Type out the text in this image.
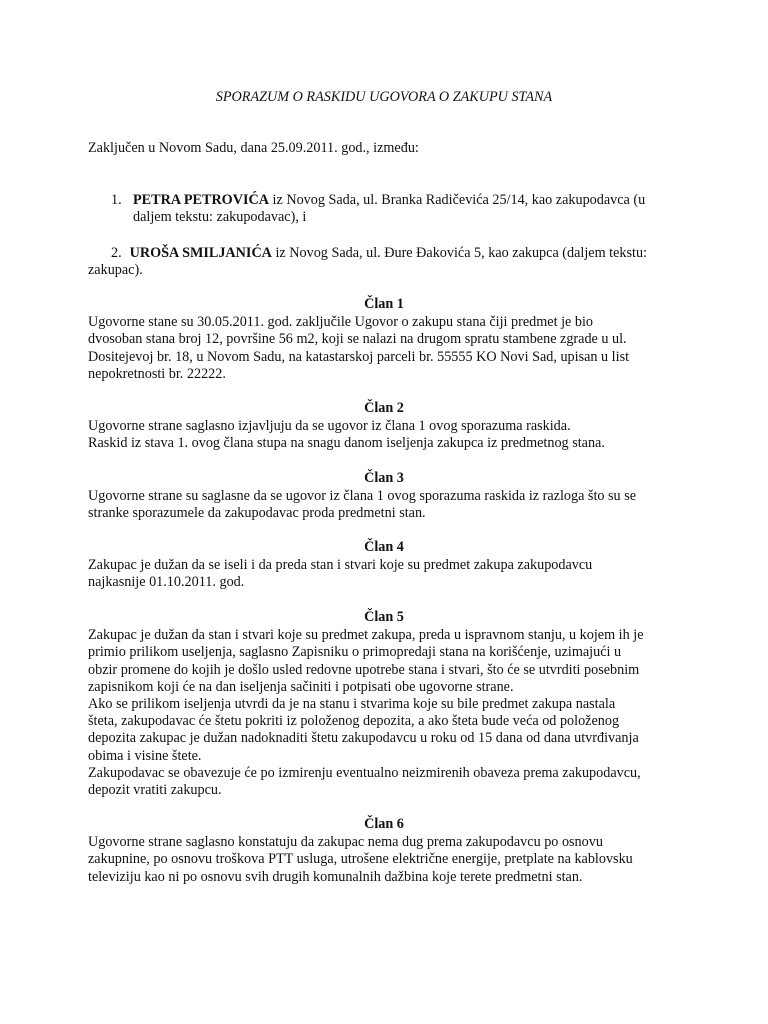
SPORAZUM O RASKIDU UGOVORA O ZAKUPU STANA

Zaključen u Novom Sadu, dana 25.09.2011. god., između:

1. PETRA PETROVIĆA iz Novog Sada, ul. Branka Radičevića 25/14, kao zakupodavca (u
daljem tekstu: zakupodavac), i

2. UROŠA SMILJANIĆA iz Novog Sada, ul. Đure Đakovića 5, kao zakupca (daljem tekstu: zakupac).

Član 1
Ugovorne stane su 30.05.2011. god. zaključile Ugovor o zakupu stana čiji predmet je bio
dvosoban stana broj 12, površine 56 m2, koji se nalazi na drugom spratu stambene zgrade u ul.
Dositejevoj br. 18, u Novom Sadu, na katastarskoj parceli br. 55555 KO Novi Sad, upisan u list
nepokretnosti br. 22222.
Član 2
Ugovorne strane saglasno izjavljuju da se ugovor iz člana 1 ovog sporazuma raskida.
Raskid iz stava 1. ovog člana stupa na snagu danom iseljenja zakupca iz predmetnog stana.
Član 3
Ugovorne strane su saglasne da se ugovor iz člana 1 ovog sporazuma raskida iz razloga što su se
stranke sporazumele da zakupodavac proda predmetni stan.
Član 4
Zakupac je dužan da se iseli i da preda stan i stvari koje su predmet zakupa zakupodavcu
najkasnije 01.10.2011. god.
Član 5
Zakupac je dužan da stan i stvari koje su predmet zakupa, preda u ispravnom stanju, u kojem ih je
primio prilikom useljenja, saglasno Zapisniku o primopredaji stana na korišćenje, uzimajući u
obzir promene do kojih je došlo usled redovne upotrebe stana i stvari, što će se utvrditi posebnim
zapisnikom koji će na dan iseljenja sačiniti i potpisati obe ugovorne strane.
Ako se prilikom iseljenja utvrdi da je na stanu i stvarima koje su bile predmet zakupa nastala
šteta, zakupodavac će štetu pokriti iz položenog depozita, a ako šteta bude veća od položenog
depozita zakupac je dužan nadoknaditi štetu zakupodavcu u roku od 15 dana od dana utvrđivanja
obima i visine štete.
Zakupodavac se obavezuje će po izmirenju eventualno neizmirenih obaveza prema zakupodavcu,
depozit vratiti zakupcu.
Član 6
Ugovorne strane saglasno konstatuju da zakupac nema dug prema zakupodavcu po osnovu
zakupnine, po osnovu troškova PTT usluga, utrošene električne energije, pretplate na kablovsku
televiziju kao ni po osnovu svih drugih komunalnih dažbina koje terete predmetni stan.
